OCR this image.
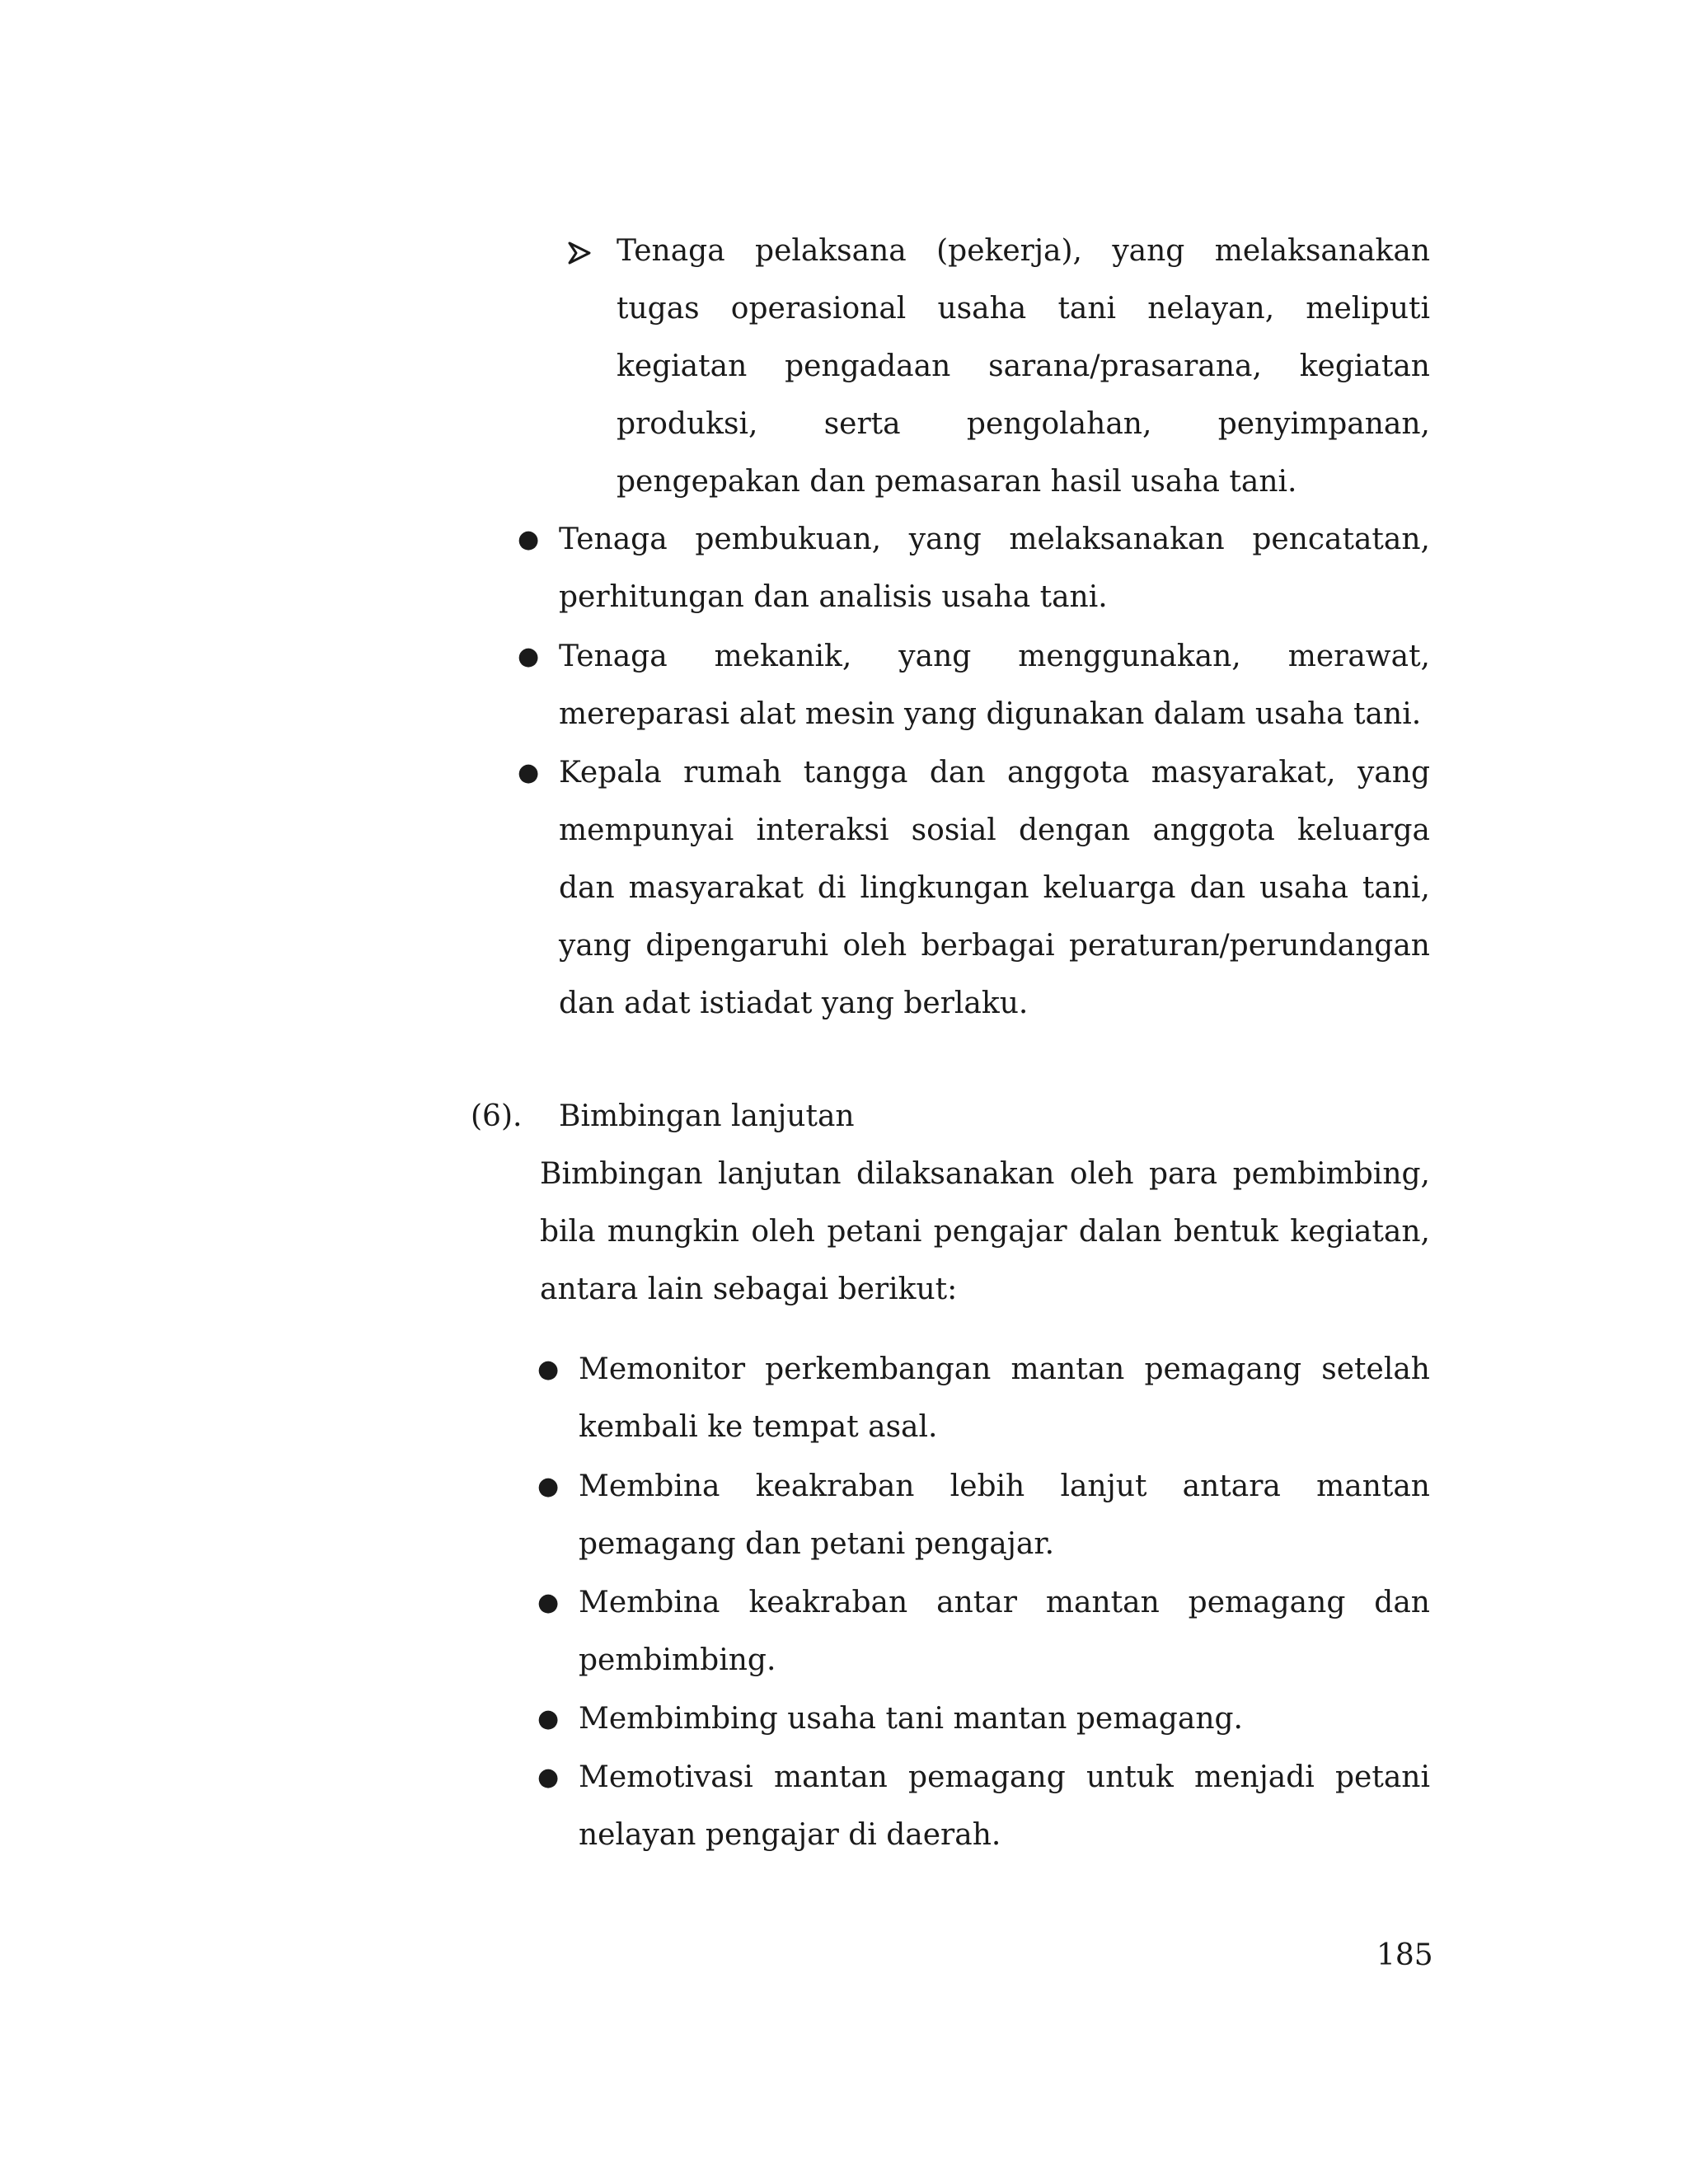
Tenaga pelaksana (pekerja), yang melaksanakan tugas operasional usaha tani nelayan, meliputi kegiatan pengadaan sarana/prasarana, kegiatan produksi, serta pengolahan, penyimpanan, pengepakan dan pemasaran hasil usaha tani.
● Tenaga pembukuan, yang melaksanakan pencatatan, perhitungan dan analisis usaha tani.
● Tenaga mekanik, yang menggunakan, merawat, mereparasi alat mesin yang digunakan dalam usaha tani.
● Kepala rumah tangga dan anggota masyarakat, yang mempunyai interaksi sosial dengan anggota keluarga dan masyarakat di lingkungan keluarga dan usaha tani, yang dipengaruhi oleh berbagai peraturan/perundangan dan adat istiadat yang berlaku.
(6). Bimbingan lanjutan
Bimbingan lanjutan dilaksanakan oleh para pembimbing, bila mungkin oleh petani pengajar dalan bentuk kegiatan, antara lain sebagai berikut:
● Memonitor perkembangan mantan pemagang setelah kembali ke tempat asal.
● Membina keakraban lebih lanjut antara mantan pemagang dan petani pengajar.
● Membina keakraban antar mantan pemagang dan pembimbing.
● Membimbing usaha tani mantan pemagang.
● Memotivasi mantan pemagang untuk menjadi petani nelayan pengajar di daerah.
185
